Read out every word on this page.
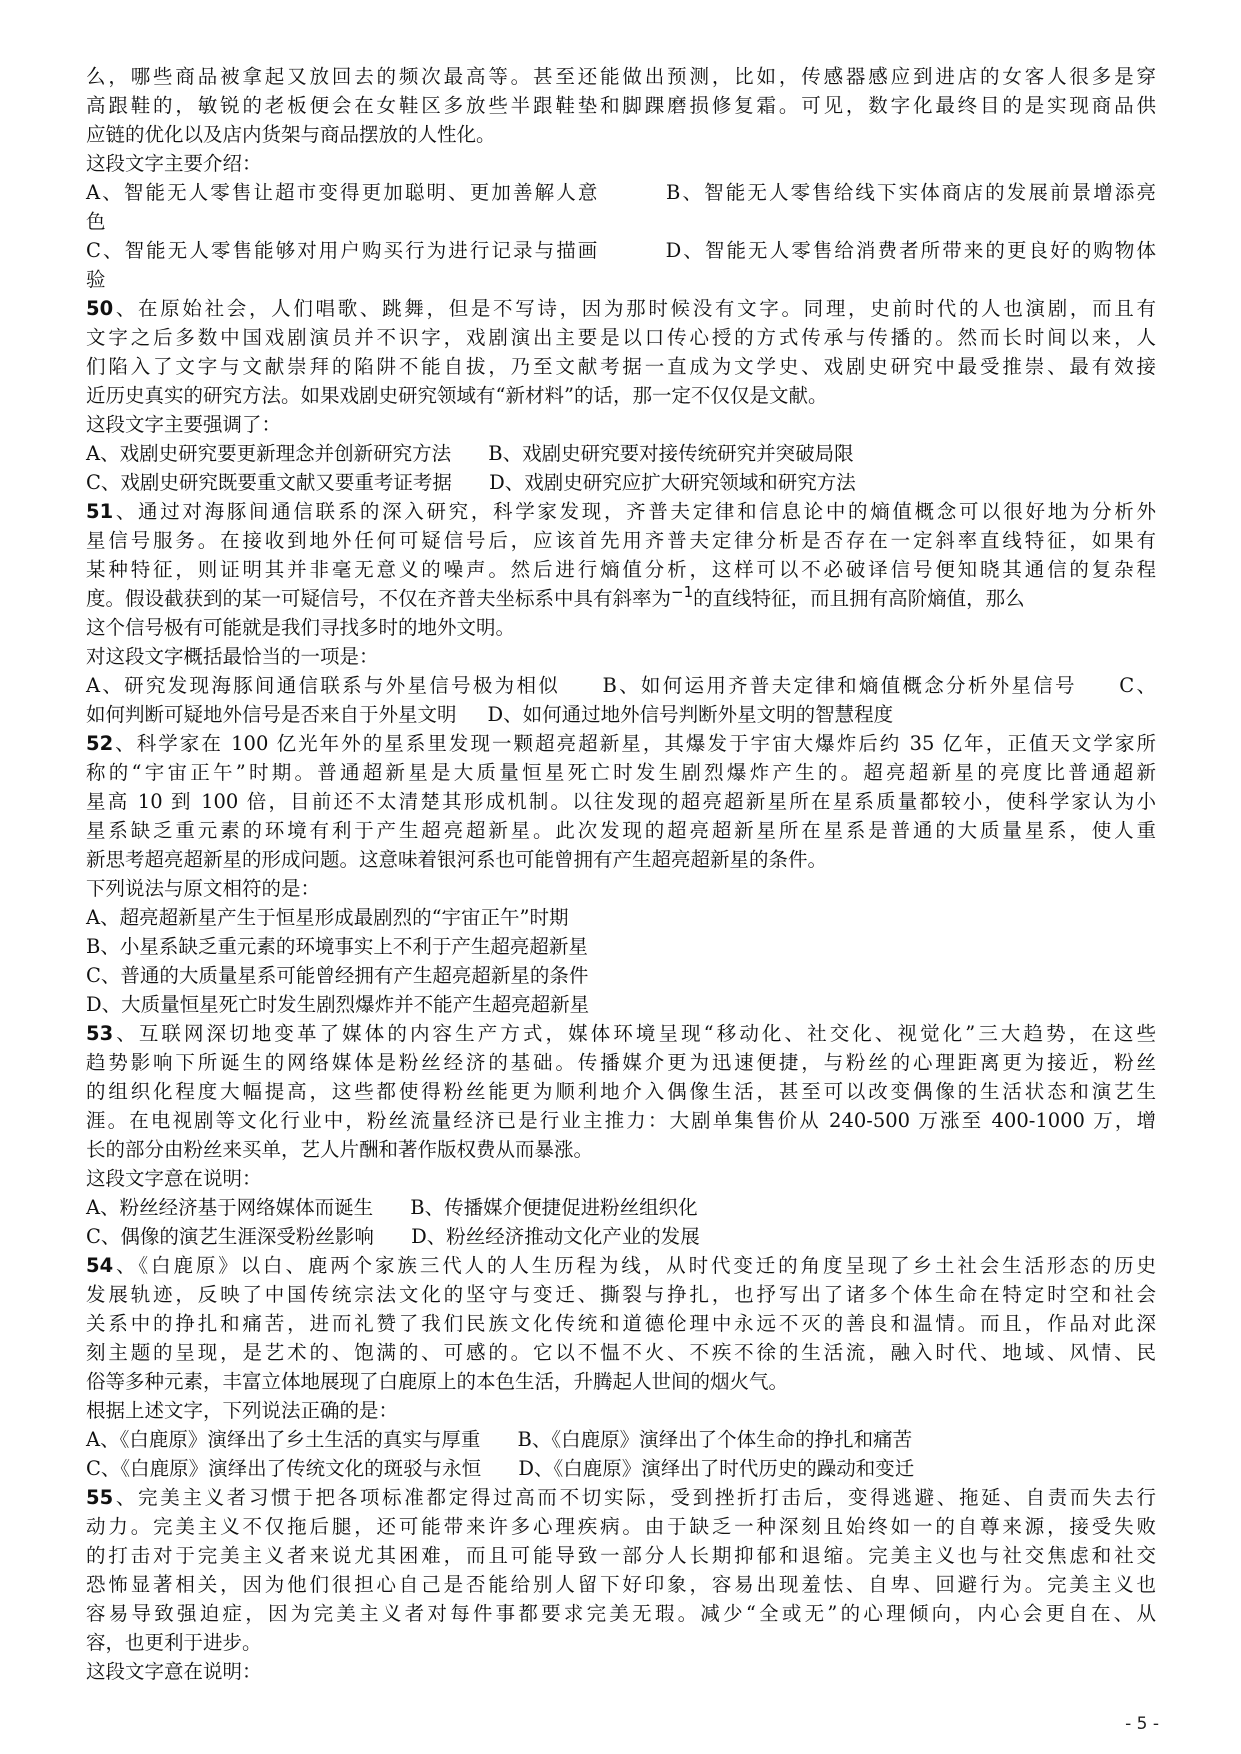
么，哪些商品被拿起又放回去的频次最高等。甚至还能做出预测，比如，传感器感应到进店的女客人很多是穿
高跟鞋的，敏锐的老板便会在女鞋区多放些半跟鞋垫和脚踝磨损修复霜。可见，数字化最终目的是实现商品供
应链的优化以及店内货架与商品摆放的人性化。
这段文字主要介绍：
A、智能无人零售让超市变得更加聪明、更加善解人意        B、智能无人零售给线下实体商店的发展前景增添亮
色
C、智能无人零售能够对用户购买行为进行记录与描画        D、智能无人零售给消费者所带来的更良好的购物体
验
50、在原始社会，人们唱歌、跳舞，但是不写诗，因为那时候没有文字。同理，史前时代的人也演剧，而且有
文字之后多数中国戏剧演员并不识字，戏剧演出主要是以口传心授的方式传承与传播的。然而长时间以来，人
们陷入了文字与文献崇拜的陷阱不能自拔，乃至文献考据一直成为文学史、戏剧史研究中最受推崇、最有效接
近历史真实的研究方法。如果戏剧史研究领域有“新材料”的话，那一定不仅仅是文献。
这段文字主要强调了：
A、戏剧史研究要更新理念并创新研究方法      B、戏剧史研究要对接传统研究并突破局限
C、戏剧史研究既要重文献又要重考证考据      D、戏剧史研究应扩大研究领域和研究方法
51、通过对海豚间通信联系的深入研究，科学家发现，齐普夫定律和信息论中的熵值概念可以很好地为分析外
星信号服务。在接收到地外任何可疑信号后，应该首先用齐普夫定律分析是否存在一定斜率直线特征，如果有
某种特征，则证明其并非毫无意义的噪声。然后进行熵值分析，这样可以不必破译信号便知晓其通信的复杂程
度。假设截获到的某一可疑信号，不仅在齐普夫坐标系中具有斜率为$^{-1}$的直线特征，而且拥有高阶熵值，那么
这个信号极有可能就是我们寻找多时的地外文明。
对这段文字概括最恰当的一项是：
A、研究发现海豚间通信联系与外星信号极为相似     B、如何运用齐普夫定律和熵值概念分析外星信号     C、
如何判断可疑地外信号是否来自于外星文明     D、如何通过地外信号判断外星文明的智慧程度
52、科学家在 100 亿光年外的星系里发现一颗超亮超新星，其爆发于宇宙大爆炸后约 35 亿年，正值天文学家所
称的“宇宙正午”时期。普通超新星是大质量恒星死亡时发生剧烈爆炸产生的。超亮超新星的亮度比普通超新
星高 10 到 100 倍，目前还不太清楚其形成机制。以往发现的超亮超新星所在星系质量都较小，使科学家认为小
星系缺乏重元素的环境有利于产生超亮超新星。此次发现的超亮超新星所在星系是普通的大质量星系，使人重
新思考超亮超新星的形成问题。这意味着银河系也可能曾拥有产生超亮超新星的条件。
下列说法与原文相符的是：
A、超亮超新星产生于恒星形成最剧烈的“宇宙正午”时期
B、小星系缺乏重元素的环境事实上不利于产生超亮超新星
C、普通的大质量星系可能曾经拥有产生超亮超新星的条件
D、大质量恒星死亡时发生剧烈爆炸并不能产生超亮超新星
53、互联网深切地变革了媒体的内容生产方式，媒体环境呈现“移动化、社交化、视觉化”三大趋势，在这些
趋势影响下所诞生的网络媒体是粉丝经济的基础。传播媒介更为迅速便捷，与粉丝的心理距离更为接近，粉丝
的组织化程度大幅提高，这些都使得粉丝能更为顺利地介入偶像生活，甚至可以改变偶像的生活状态和演艺生
涯。在电视剧等文化行业中，粉丝流量经济已是行业主推力：大剧单集售价从 240-500 万涨至 400-1000 万，增
长的部分由粉丝来买单，艺人片酬和著作版权费从而暴涨。
这段文字意在说明：
A、粉丝经济基于网络媒体而诞生      B、传播媒介便捷促进粉丝组织化
C、偶像的演艺生涯深受粉丝影响      D、粉丝经济推动文化产业的发展
54、《白鹿原》以白、鹿两个家族三代人的人生历程为线，从时代变迁的角度呈现了乡土社会生活形态的历史
发展轨迹，反映了中国传统宗法文化的坚守与变迁、撕裂与挣扎，也抒写出了诸多个体生命在特定时空和社会
关系中的挣扎和痛苦，进而礼赞了我们民族文化传统和道德伦理中永远不灭的善良和温情。而且，作品对此深
刻主题的呈现，是艺术的、饱满的、可感的。它以不愠不火、不疾不徐的生活流，融入时代、地域、风情、民
俗等多种元素，丰富立体地展现了白鹿原上的本色生活，升腾起人世间的烟火气。
根据上述文字，下列说法正确的是：
A、《白鹿原》演绎出了乡土生活的真实与厚重      B、《白鹿原》演绎出了个体生命的挣扎和痛苦
C、《白鹿原》演绎出了传统文化的斑驳与永恒      D、《白鹿原》演绎出了时代历史的躁动和变迁
55、完美主义者习惯于把各项标准都定得过高而不切实际，受到挫折打击后，变得逃避、拖延、自责而失去行
动力。完美主义不仅拖后腿，还可能带来许多心理疾病。由于缺乏一种深刻且始终如一的自尊来源，接受失败
的打击对于完美主义者来说尤其困难，而且可能导致一部分人长期抑郁和退缩。完美主义也与社交焦虑和社交
恐怖显著相关，因为他们很担心自己是否能给别人留下好印象，容易出现羞怯、自卑、回避行为。完美主义也
容易导致强迫症，因为完美主义者对每件事都要求完美无瑕。减少“全或无”的心理倾向，内心会更自在、从
容，也更利于进步。
这段文字意在说明：
- 5 -
